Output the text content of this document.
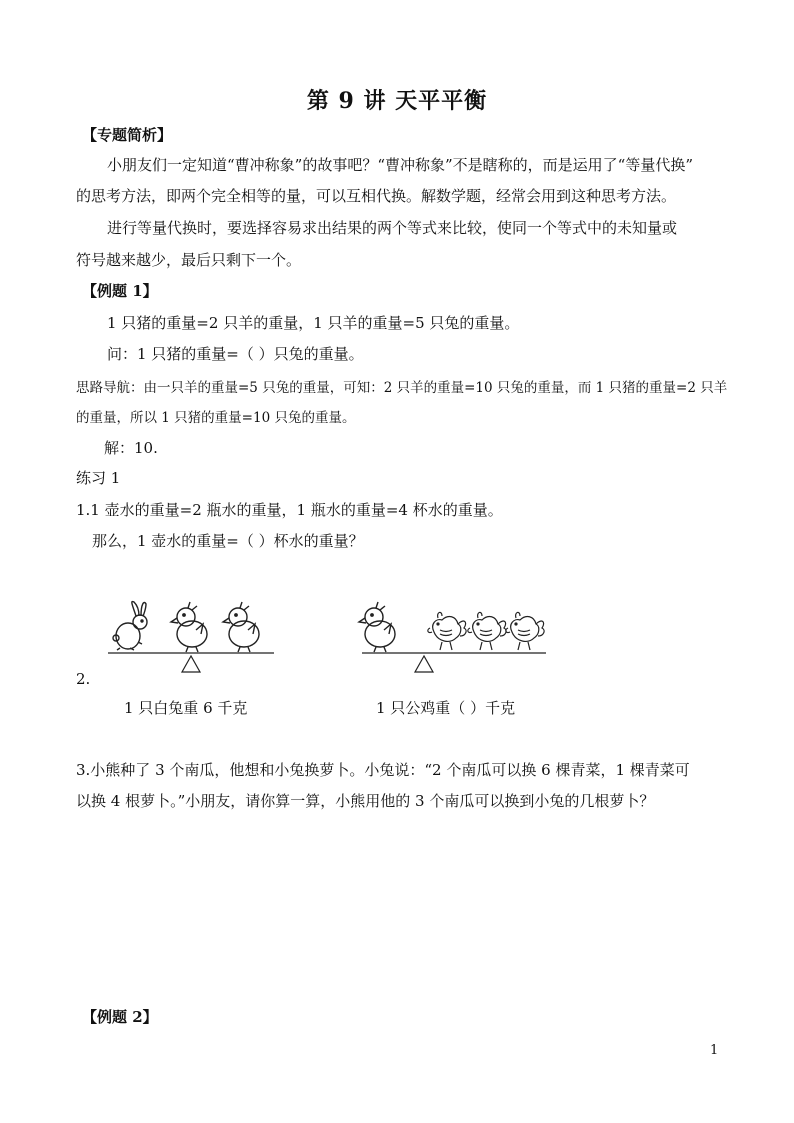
第 9 讲 天平平衡
【专题简析】
小朋友们一定知道“曹冲称象”的故事吧？“曹冲称象”不是瞎称的，而是运用了“等量代换”
的思考方法，即两个完全相等的量，可以互相代换。解数学题，经常会用到这种思考方法。
进行等量代换时，要选择容易求出结果的两个等式来比较，使同一个等式中的未知量或
符号越来越少，最后只剩下一个。
【例题 1】
1 只猪的重量=2 只羊的重量，1 只羊的重量=5 只兔的重量。
问：1 只猪的重量=（ ）只兔的重量。
思路导航：由一只羊的重量=5 只兔的重量，可知：2 只羊的重量=10 只兔的重量，而 1 只猪的重量=2 只羊
的重量，所以 1 只猪的重量=10 只兔的重量。
解：10.
练习 1
1.1 壶水的重量=2 瓶水的重量，1 瓶水的重量=4 杯水的重量。
那么，1 壶水的重量=（ ）杯水的重量？
2.
1 只白兔重 6 千克	1 只公鸡重（ ）千克
3.小熊种了 3 个南瓜，他想和小兔换萝卜。小兔说：“2 个南瓜可以换 6 棵青菜，1 棵青菜可
以换 4 根萝卜。”小朋友，请你算一算，小熊用他的 3 个南瓜可以换到小兔的几根萝卜？
【例题 2】
1
